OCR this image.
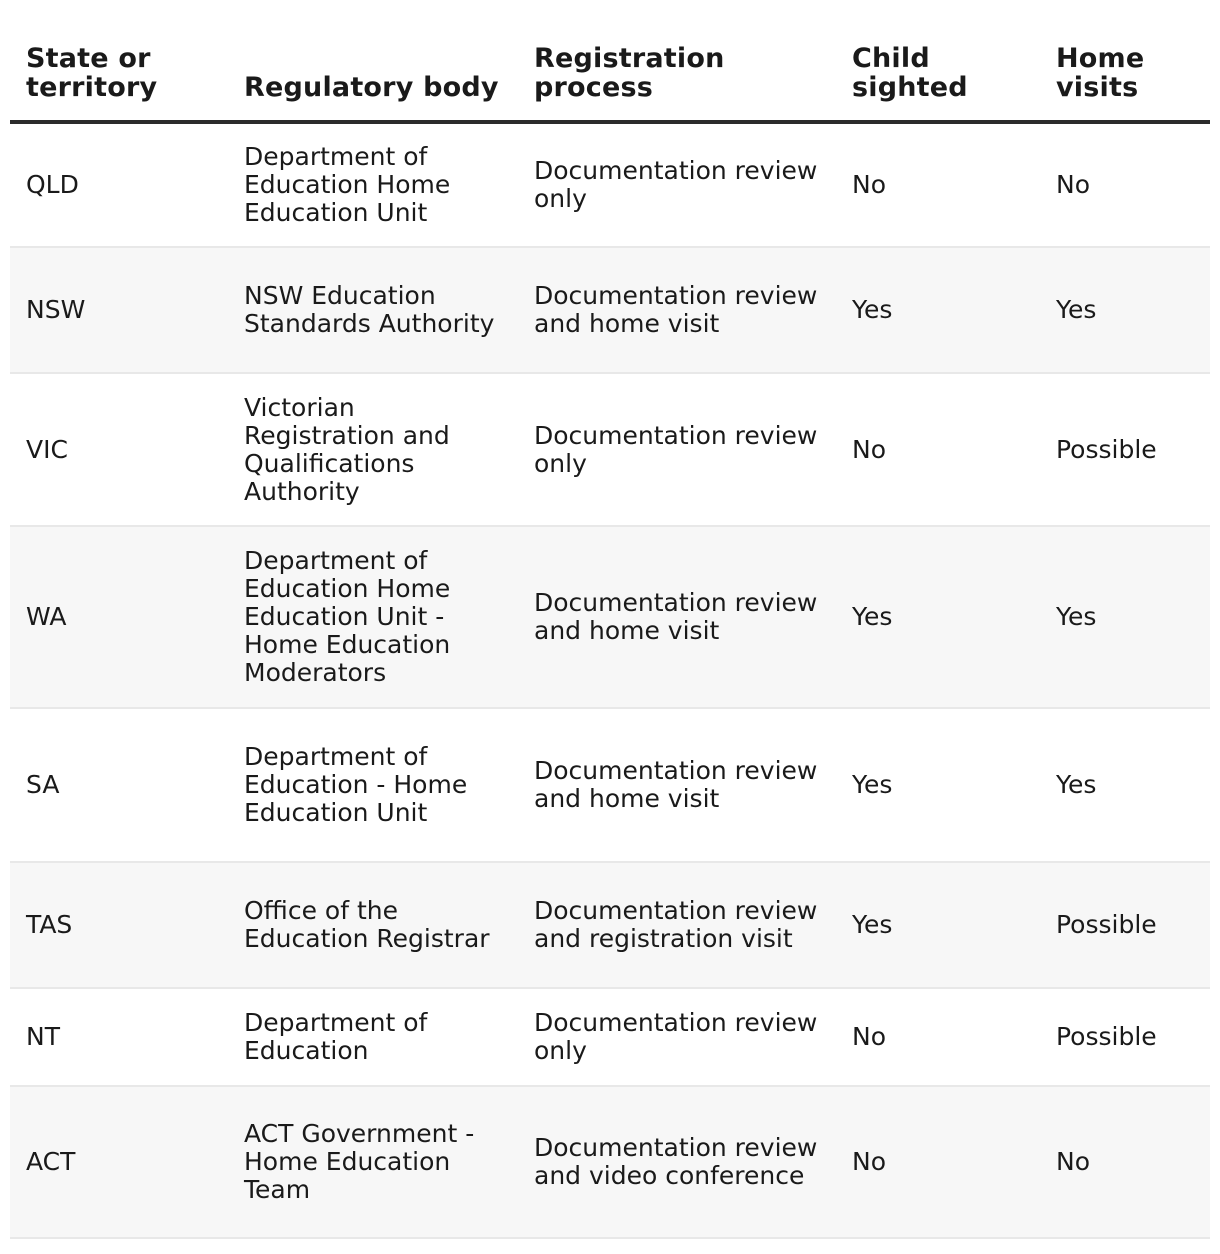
State or territory	Regulatory body	Registration process	Child sighted	Home visits

QLD	Department of Education Home Education Unit	Documentation review only	No	No

NSW	NSW Education Standards Authority	Documentation review and home visit	Yes	Yes

VIC	Victorian Registration and Qualifications Authority	Documentation review only	No	Possible

WA	Department of Education Home Education Unit - Home Education Moderators	Documentation review and home visit	Yes	Yes

SA	Department of Education - Home Education Unit	Documentation review and home visit	Yes	Yes

TAS	Office of the Education Registrar	Documentation review and registration visit	Yes	Possible

NT	Department of Education	Documentation review only	No	Possible

ACT	ACT Government - Home Education Team	Documentation review and video conference	No	No
